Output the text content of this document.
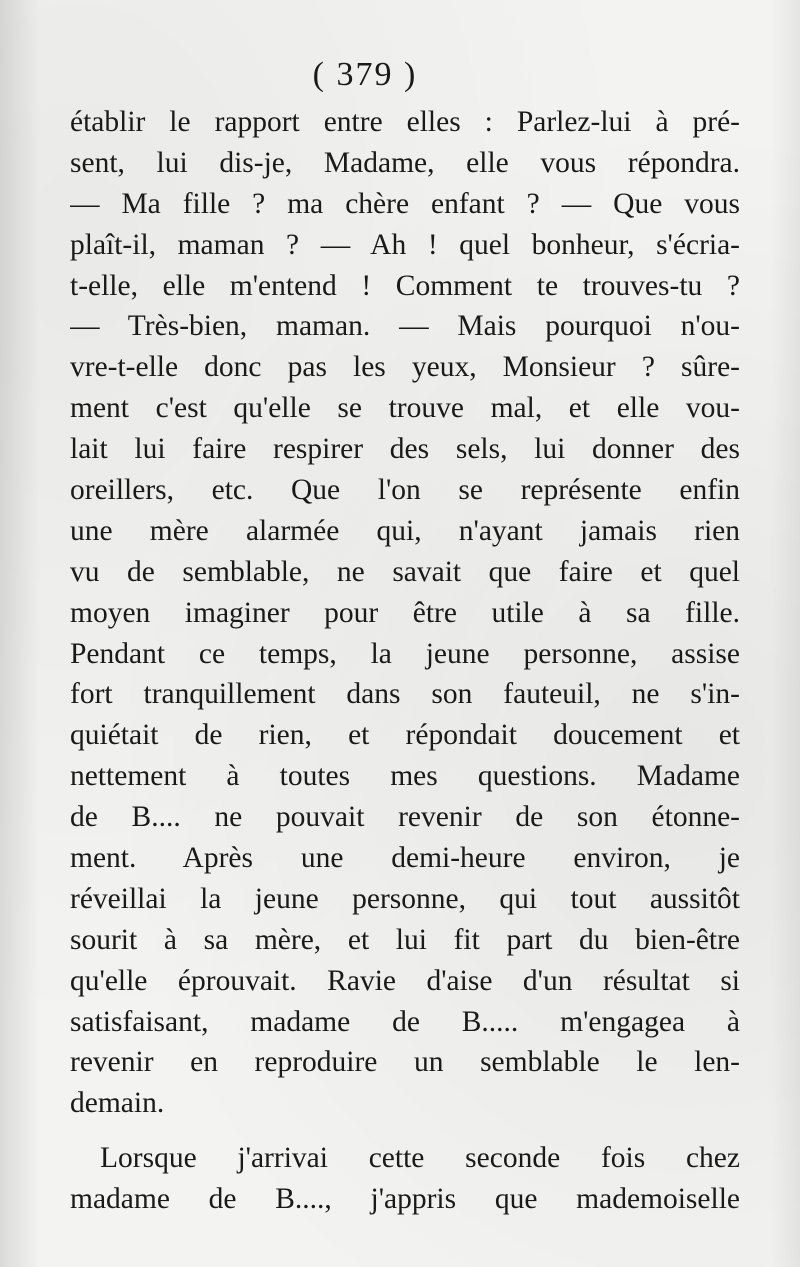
( 379 )
établir le rapport entre elles : Parlez-lui à pré-
sent, lui dis-je, Madame, elle vous répondra.
— Ma fille ? ma chère enfant ? — Que vous
plaît-il, maman ? — Ah ! quel bonheur, s'écria-
t-elle, elle m'entend ! Comment te trouves-tu ?
— Très-bien, maman. — Mais pourquoi n'ou-
vre-t-elle donc pas les yeux, Monsieur ? sûre-
ment c'est qu'elle se trouve mal, et elle vou-
lait lui faire respirer des sels, lui donner des
oreillers, etc. Que l'on se représente enfin
une mère alarmée qui, n'ayant jamais rien
vu de semblable, ne savait que faire et quel
moyen imaginer pour être utile à sa fille.
Pendant ce temps, la jeune personne, assise
fort tranquillement dans son fauteuil, ne s'in-
quiétait de rien, et répondait doucement et
nettement à toutes mes questions. Madame
de B.... ne pouvait revenir de son étonne-
ment. Après une demi-heure environ, je
réveillai la jeune personne, qui tout aussitôt
sourit à sa mère, et lui fit part du bien-être
qu'elle éprouvait. Ravie d'aise d'un résultat si
satisfaisant, madame de B..... m'engagea à
revenir en reproduire un semblable le len-
demain.
Lorsque j'arrivai cette seconde fois chez
madame de B...., j'appris que mademoiselle
